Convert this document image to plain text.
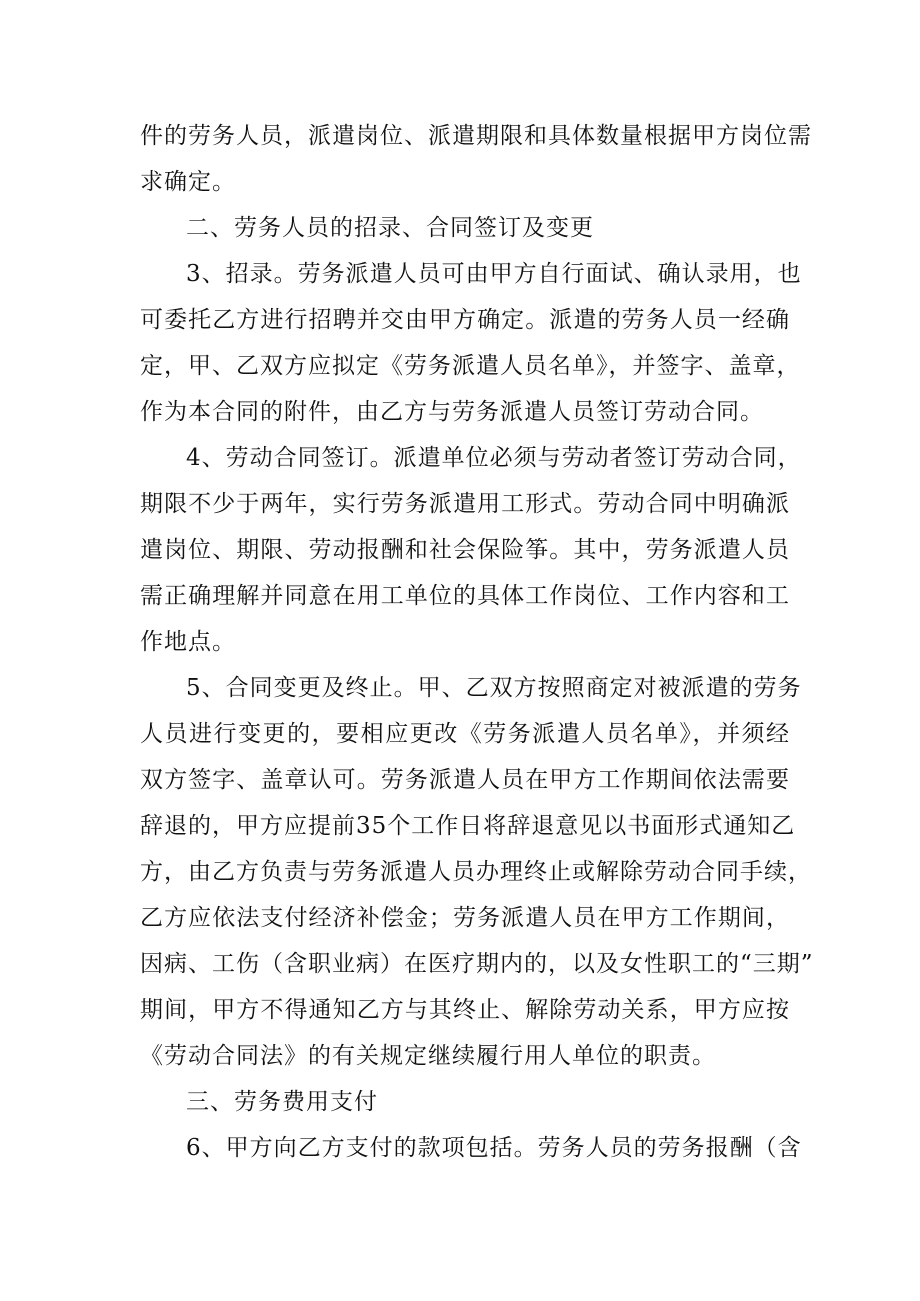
件的劳务人员，派遣岗位、派遣期限和具体数量根据甲方岗位需
求确定。
二、劳务人员的招录、合同签订及变更
3、招录。劳务派遣人员可由甲方自行面试、确认录用，也
可委托乙方进行招聘并交由甲方确定。派遣的劳务人员一经确
定，甲、乙双方应拟定《劳务派遣人员名单》，并签字、盖章，
作为本合同的附件，由乙方与劳务派遣人员签订劳动合同。
4、劳动合同签订。派遣单位必须与劳动者签订劳动合同，
期限不少于两年，实行劳务派遣用工形式。劳动合同中明确派
遣岗位、期限、劳动报酬和社会保险筝。其中，劳务派遣人员
需正确理解并同意在用工单位的具体工作岗位、工作内容和工
作地点。
5、合同变更及终止。甲、乙双方按照商定对被派遣的劳务
人员进行变更的，要相应更改《劳务派遣人员名单》，并须经
双方签字、盖章认可。劳务派遣人员在甲方工作期间依法需要
辞退的，甲方应提前35个工作日将辞退意见以书面形式通知乙
方，由乙方负责与劳务派遣人员办理终止或解除劳动合同手续，
乙方应依法支付经济补偿金；劳务派遣人员在甲方工作期间，
因病、工伤（含职业病）在医疗期内的，以及女性职工的“三期”
期间，甲方不得通知乙方与其终止、解除劳动关系，甲方应按
《劳动合同法》的有关规定继续履行用人单位的职责。
三、劳务费用支付
6、甲方向乙方支付的款项包括。劳务人员的劳务报酬（含
